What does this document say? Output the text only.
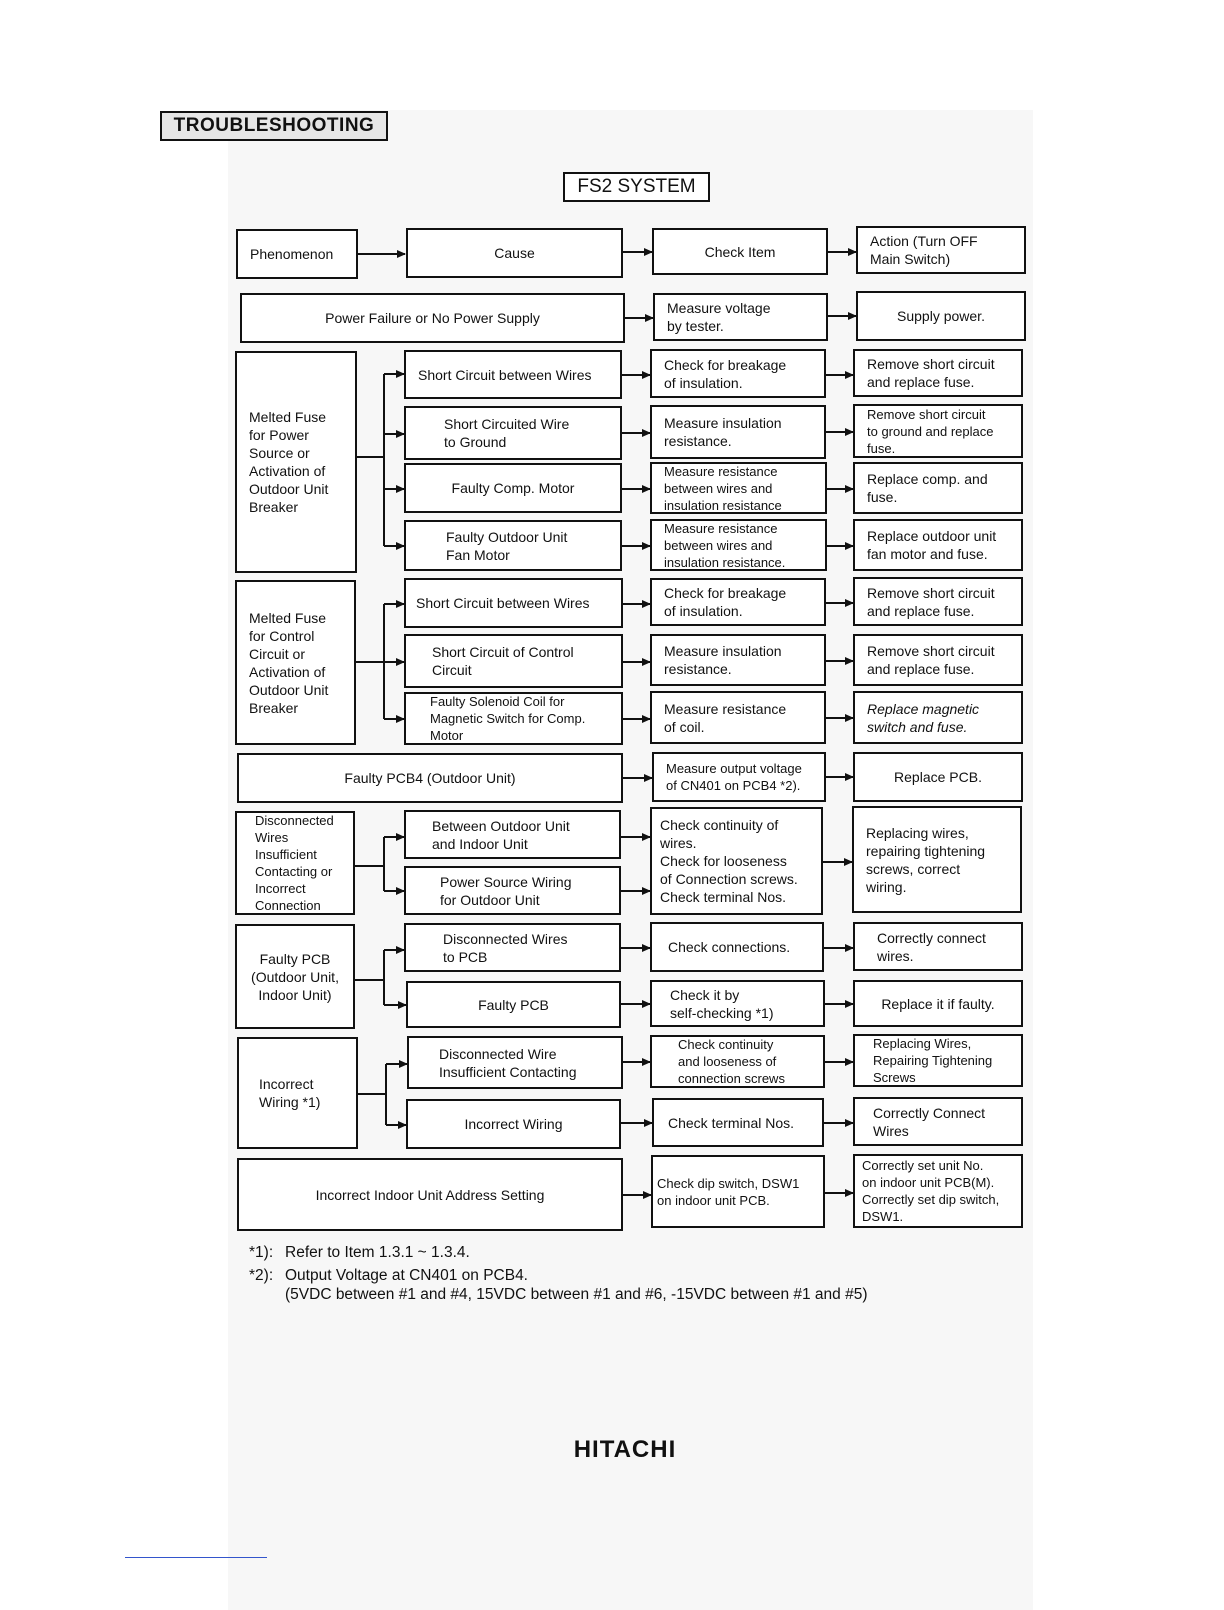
TROUBLESHOOTING
FS2 SYSTEM
Phenomenon	Cause	Check Item
Action (Turn OFF
Main Switch)
Power Failure or No Power Supply
Measure voltage
by tester.
Supply power.
Melted Fuse
for Power
Source or
Activation of
Outdoor Unit
Breaker
Short Circuit between Wires
Short Circuited Wire
to Ground
Faulty Comp. Motor
Faulty Outdoor Unit
Fan Motor
Check for breakage
of insulation.
Measure insulation
resistance.
Measure resistance
between wires and
insulation resistance
Measure resistance
between wires and
insulation resistance.
Remove short circuit
and replace fuse.
Remove short circuit
to ground and replace
fuse.
Replace comp. and
fuse.
Replace outdoor unit
fan motor and fuse.
Melted Fuse
for Control
Circuit or
Activation of
Outdoor Unit
Breaker
Short Circuit between Wires
Short Circuit of Control
Circuit
Faulty Solenoid Coil for
Magnetic Switch for Comp.
Motor
Check for breakage
of insulation.
Measure insulation
resistance.
Measure resistance
of coil.
Remove short circuit
and replace fuse.
Remove short circuit
and replace fuse.
Replace magnetic
switch and fuse.
Faulty PCB4 (Outdoor Unit)
Measure output voltage
of CN401 on PCB4 *2).
Replace PCB.
Disconnected
Wires
Insufficient
Contacting or
Incorrect
Connection
Between Outdoor Unit
and Indoor Unit
Power Source Wiring
for Outdoor Unit
Check continuity of
wires.
Check for looseness
of Connection screws.
Check terminal Nos.
Replacing wires,
repairing tightening
screws, correct
wiring.
Faulty PCB
(Outdoor Unit,
Indoor Unit)
Disconnected Wires
to PCB
Faulty PCB
Check connections.
Check it by
self-checking *1)
Correctly connect
wires.
Replace it if faulty.
Incorrect
Wiring *1)
Disconnected Wire
Insufficient Contacting
Incorrect Wiring
Check continuity
and looseness of
connection screws
Check terminal Nos.
Replacing Wires,
Repairing Tightening
Screws
Correctly Connect
Wires
Incorrect Indoor Unit Address Setting
Check dip switch, DSW1
on indoor unit PCB.
Correctly set unit No.
on indoor unit PCB(M).
Correctly set dip switch,
DSW1.
*1): Refer to Item 1.3.1 ~ 1.3.4.
*2): Output Voltage at CN401 on PCB4.
(5VDC between #1 and #4, 15VDC between #1 and #6, -15VDC between #1 and #5)
HITACHI
